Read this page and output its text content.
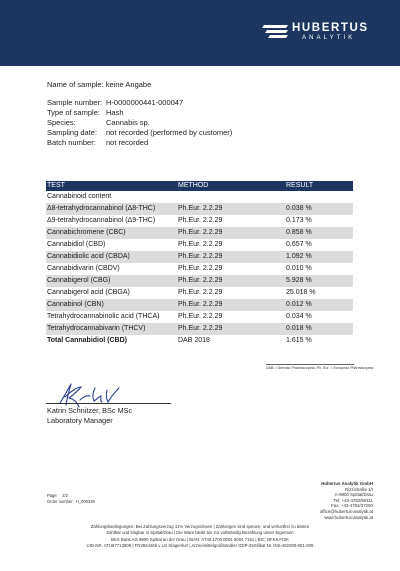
HUBERTUS
ANALYTIK
Name of sample: keine Angabe
Sample number: H-0000000441-000047
Type of sample: Hash
Species:	Cannabis sp.
Sampling date: not recorded (performed by customer)
Batch number: not recorded
TEST	METHOD	RESULT
Cannabinoid content
Δ8-tetrahydrocannabinol (Δ8-THC)	Ph.Eur. 2.2.29	0.038 %
Δ9-tetrahydrocannabinol (Δ9-THC)	Ph.Eur. 2.2.29	0.173 %
Cannabichromene (CBC)	Ph.Eur. 2.2.29	0.858 %
Cannabidiol (CBD)	Ph.Eur. 2.2.29	0.657 %
Cannabidiolic acid (CBDA)	Ph.Eur. 2.2.29	1.092 %
Cannabidivarin (CBDV)	Ph.Eur. 2.2.29	0.010 %
Cannabigerol (CBG)	Ph.Eur. 2.2.29	5.928 %
Cannabigerol acid (CBGA)	Ph.Eur. 2.2.29	25.018 %
Cannabinol (CBN)	Ph.Eur. 2.2.29	0.012 %
Tetrahydrocannabinolic acid (THCA)	Ph.Eur. 2.2.29	0.034 %
Tetrahydrocannabivarin (THCV)	Ph.Eur. 2.2.29	0.018 %
Total Cannabidiol (CBD)	DAB 2018	1.615 %
DAB = German Pharmacopeia, Ph. Eur. = European Pharmacopeia
Katrin Schnitzer, BSc MSc
Laboratory Manager
Page: 2/2
Order number: H_000338
Hubertus Analytik GmbH
Rizzistraße 1/I
A-9800 Spittal/Drau
Tel: +43-4762/90111
Fax: +43-4762/37260
office@hubertus-analytik.at
www.hubertus-analytik.at
Zahlungsbedingungen: Bei Zahlungsverzug 11% Verzugszinsen | Zahlungen sind spesen- und verlustfrei zu leisten
Zahlbar und klagbar in Spittal/Drau | Die Ware bleibt bis zur vollständig Bezahlung unser Eigentum
BKS Bank AG 9800 Spittal an der Drau | IBAN: AT40 1700 0001 6004 7151 | BIC: BFKKAT2K
UID-NR. ATU67713806 | FN392446b v LG Klagenfurt | Arzneimittelgroßhändler GDP-Zertifikat Nr. INS-482200-001-009
